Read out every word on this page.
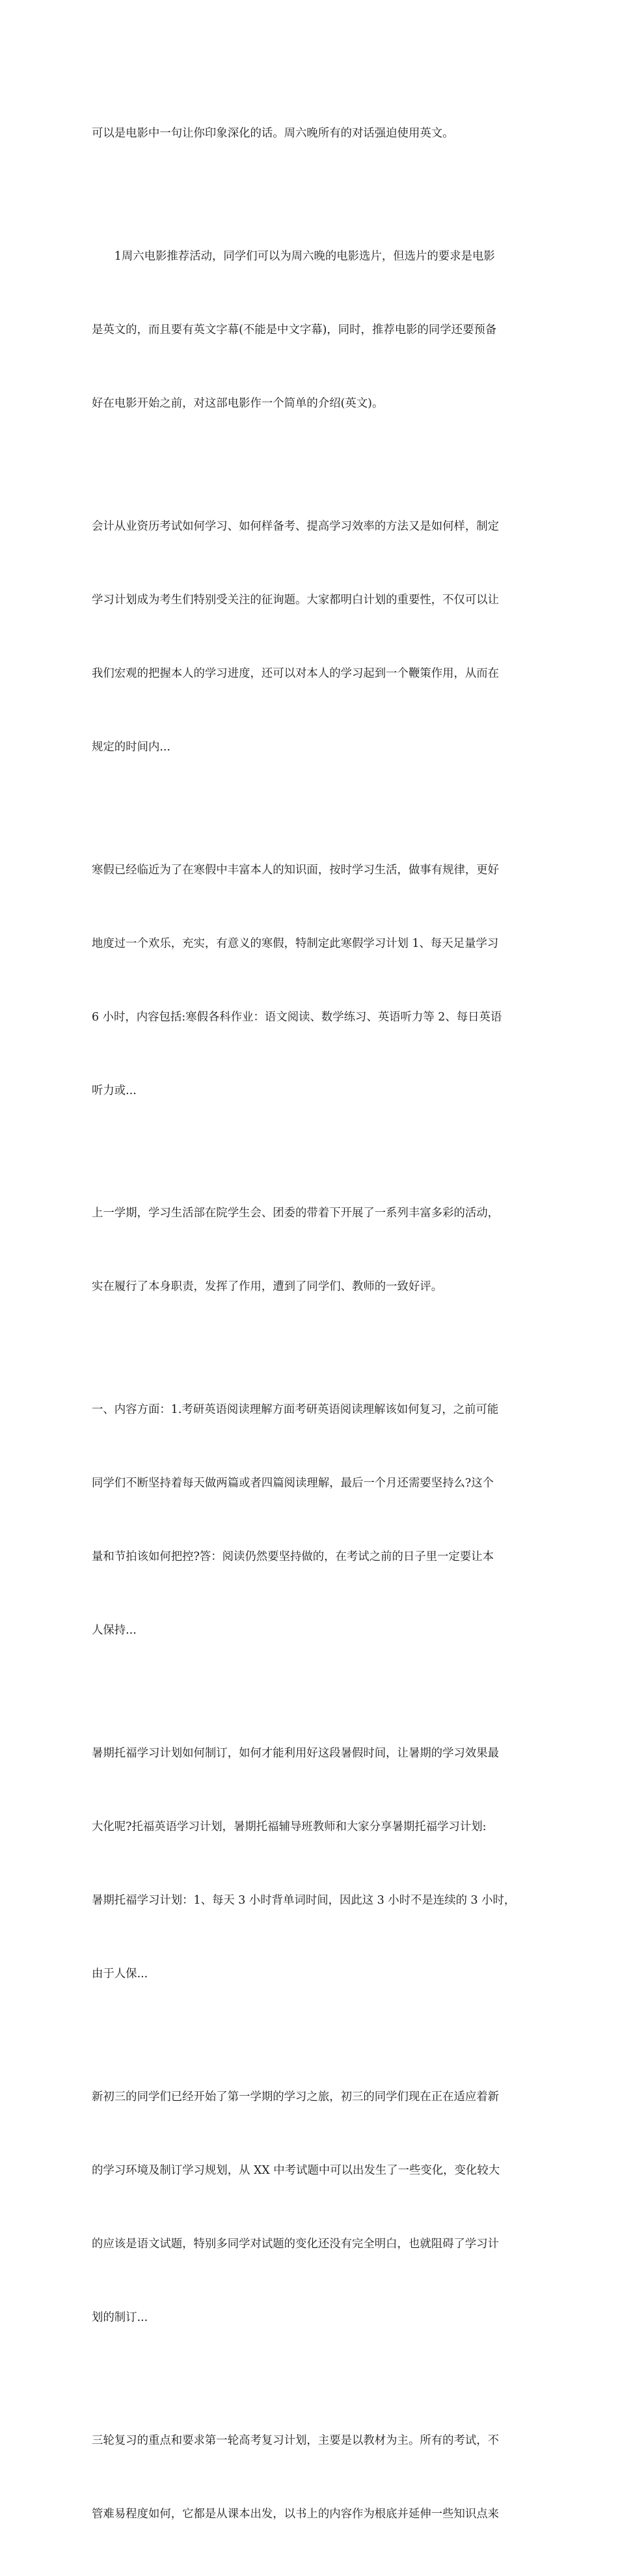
可以是电影中一句让你印象深化的话。周六晚所有的对话强迫使用英文。

　　1周六电影推荐活动，同学们可以为周六晚的电影选片，但选片的要求是电影

是英文的，而且要有英文字幕(不能是中文字幕)，同时，推荐电影的同学还要预备

好在电影开始之前，对这部电影作一个简单的介绍(英文)。

会计从业资历考试如何学习、如何样备考、提高学习效率的方法又是如何样，制定

学习计划成为考生们特别受关注的征询题。大家都明白计划的重要性，不仅可以让

我们宏观的把握本人的学习进度，还可以对本人的学习起到一个鞭策作用，从而在

规定的时间内...

寒假已经临近为了在寒假中丰富本人的知识面，按时学习生活，做事有规律，更好

地度过一个欢乐，充实，有意义的寒假，特制定此寒假学习计划 1、每天足量学习

6 小时，内容包括:寒假各科作业：语文阅读、数学练习、英语听力等 2、每日英语

听力或...

上一学期，学习生活部在院学生会、团委的带着下开展了一系列丰富多彩的活动，

实在履行了本身职责，发挥了作用，遭到了同学们、教师的一致好评。

一、内容方面：1.考研英语阅读理解方面考研英语阅读理解该如何复习，之前可能

同学们不断坚持着每天做两篇或者四篇阅读理解，最后一个月还需要坚持么?这个

量和节拍该如何把控?答：阅读仍然要坚持做的，在考试之前的日子里一定要让本

人保持...

暑期托福学习计划如何制订，如何才能利用好这段暑假时间，让暑期的学习效果最

大化呢?托福英语学习计划，暑期托福辅导班教师和大家分享暑期托福学习计划:

暑期托福学习计划：1、每天 3 小时背单词时间，因此这 3 小时不是连续的 3 小时，

由于人保...

新初三的同学们已经开始了第一学期的学习之旅，初三的同学们现在正在适应着新

的学习环境及制订学习规划，从 XX 中考试题中可以出发生了一些变化，变化较大

的应该是语文试题，特别多同学对试题的变化还没有完全明白，也就阻碍了学习计

划的制订...

三轮复习的重点和要求第一轮高考复习计划，主要是以教材为主。所有的考试，不

管难易程度如何，它都是从课本出发，以书上的内容作为根底并延伸一些知识点来
